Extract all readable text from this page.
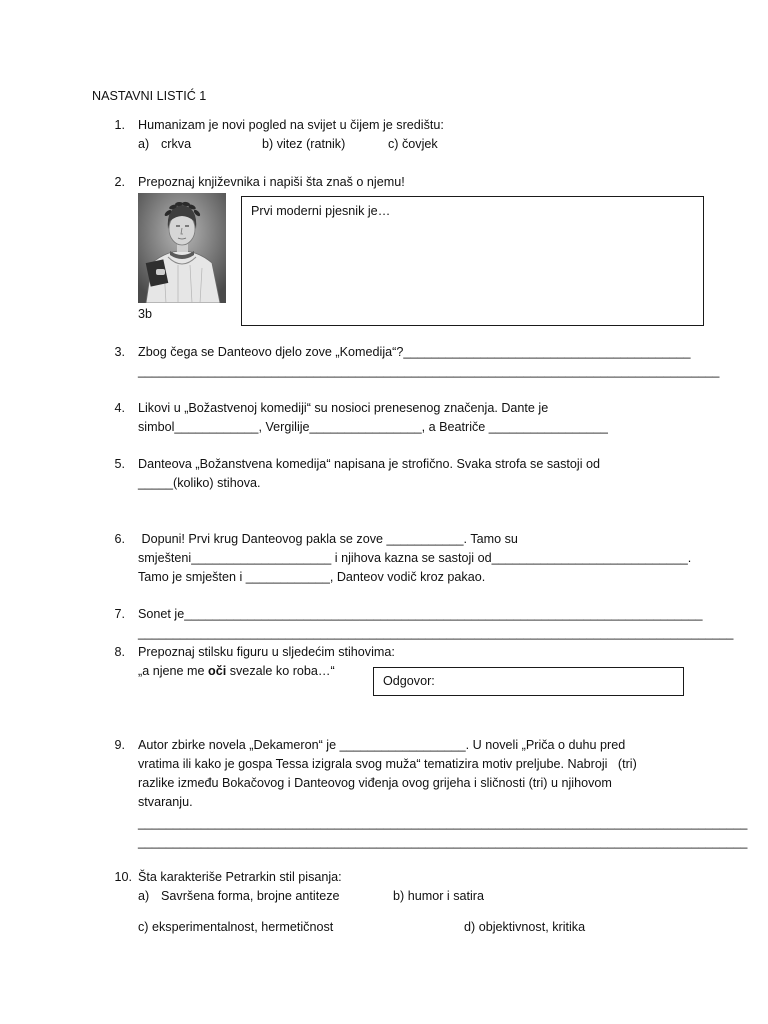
NASTAVNI LISTIĆ 1
1. Humanizam je novi pogled na svijet u čijem je središtu:
a) crkva	b) vitez (ratnik)	c) čovjek
2. Prepoznaj književnika i napiši šta znaš o njemu!
3b
Prvi moderni pjesnik je…
3. Zbog čega se Danteovo djelo zove „Komedija“?_________________________________________
___________________________________________________________________________________
4. Likovi u „Božastvenoj komediji“ su nosioci prenesenog značenja. Dante je
simbol____________, Vergilije________________, a Beatriče _________________
5. Danteova „Božanstvena komedija“ napisana je strofično. Svaka strofa se sastoji od
_____(koliko) stihova.
6. Dopuni! Prvi krug Danteovog pakla se zove ___________. Tamo su
smješteni____________________ i njihova kazna se sastoji od____________________________.
Tamo je smješten i ____________, Danteov vodič kroz pakao.
7. Sonet je__________________________________________________________________________
_____________________________________________________________________________________
8. Prepoznaj stilsku figuru u sljedećim stihovima:
„a njene me oči svezale ko roba…“
Odgovor:
9. Autor zbirke novela „Dekameron“ je __________________. U noveli „Priča o duhu pred
vratima ili kako je gospa Tessa izigrala svog muža“ tematizira motiv preljube. Nabroji   (tri)
razlike između Bokačovog i Danteovog viđenja ovog grijeha i sličnosti (tri) u njihovom
stvaranju.
_______________________________________________________________________________________
_______________________________________________________________________________________
10. Šta karakteriše Petrarkin stil pisanja:
a) Savršena forma, brojne antiteze	b) humor i satira
c) eksperimentalnost, hermetičnost	d) objektivnost, kritika
